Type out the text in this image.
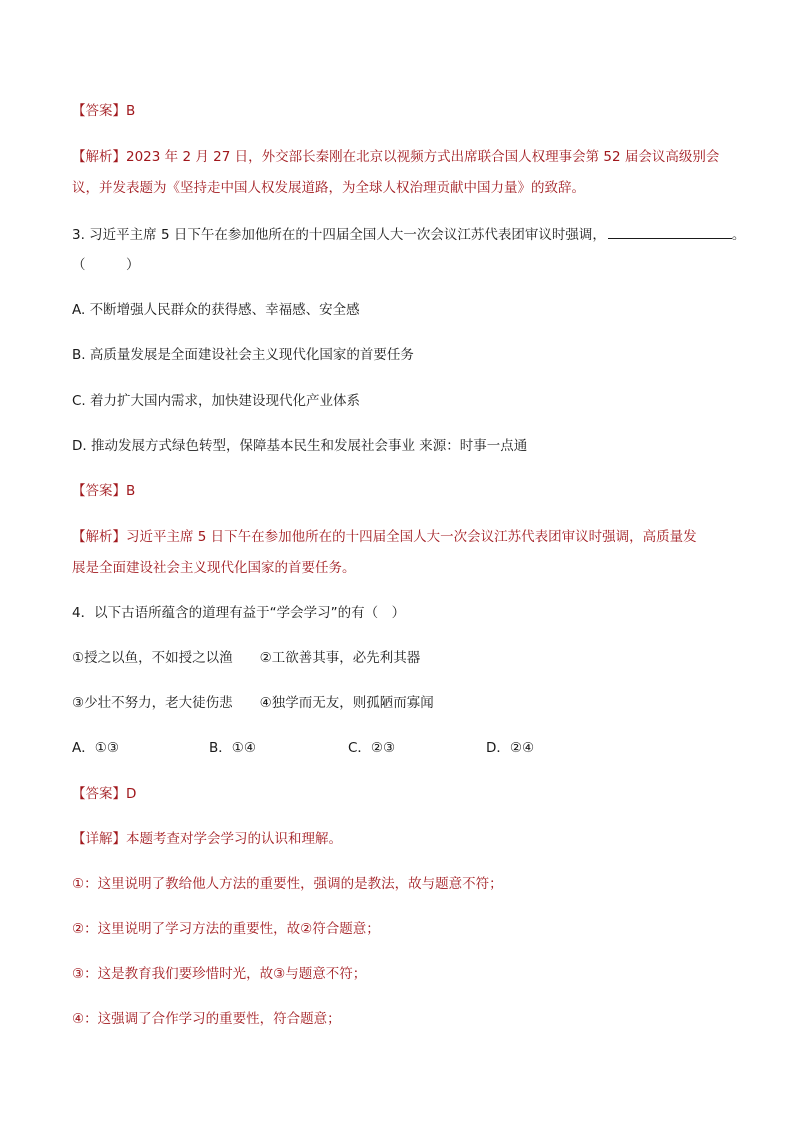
【答案】B
【解析】2023 年 2 月 27 日，外交部长秦刚在北京以视频方式出席联合国人权理事会第 52 届会议高级别会
议，并发表题为《坚持走中国人权发展道路，为全球人权治理贡献中国力量》的致辞。
3. 习近平主席 5 日下午在参加他所在的十四届全国人大一次会议江苏代表团审议时强调，	。
（　　　）
A. 不断增强人民群众的获得感、幸福感、安全感
B. 高质量发展是全面建设社会主义现代化国家的首要任务
C. 着力扩大国内需求，加快建设现代化产业体系
D. 推动发展方式绿色转型，保障基本民生和发展社会事业 来源：时事一点通
【答案】B
【解析】习近平主席 5 日下午在参加他所在的十四届全国人大一次会议江苏代表团审议时强调，高质量发
展是全面建设社会主义现代化国家的首要任务。
4．以下古语所蕴含的道理有益于“学会学习”的有（　）
①授之以鱼，不如授之以渔　　②工欲善其事，必先利其器
③少壮不努力，老大徒伤悲　　④独学而无友，则孤陋而寡闻
A．①③	B．①④	C．②③	D．②④
【答案】D
【详解】本题考查对学会学习的认识和理解。
①：这里说明了教给他人方法的重要性，强调的是教法，故与题意不符；
②：这里说明了学习方法的重要性，故②符合题意；
③：这是教育我们要珍惜时光，故③与题意不符；
④：这强调了合作学习的重要性，符合题意；
